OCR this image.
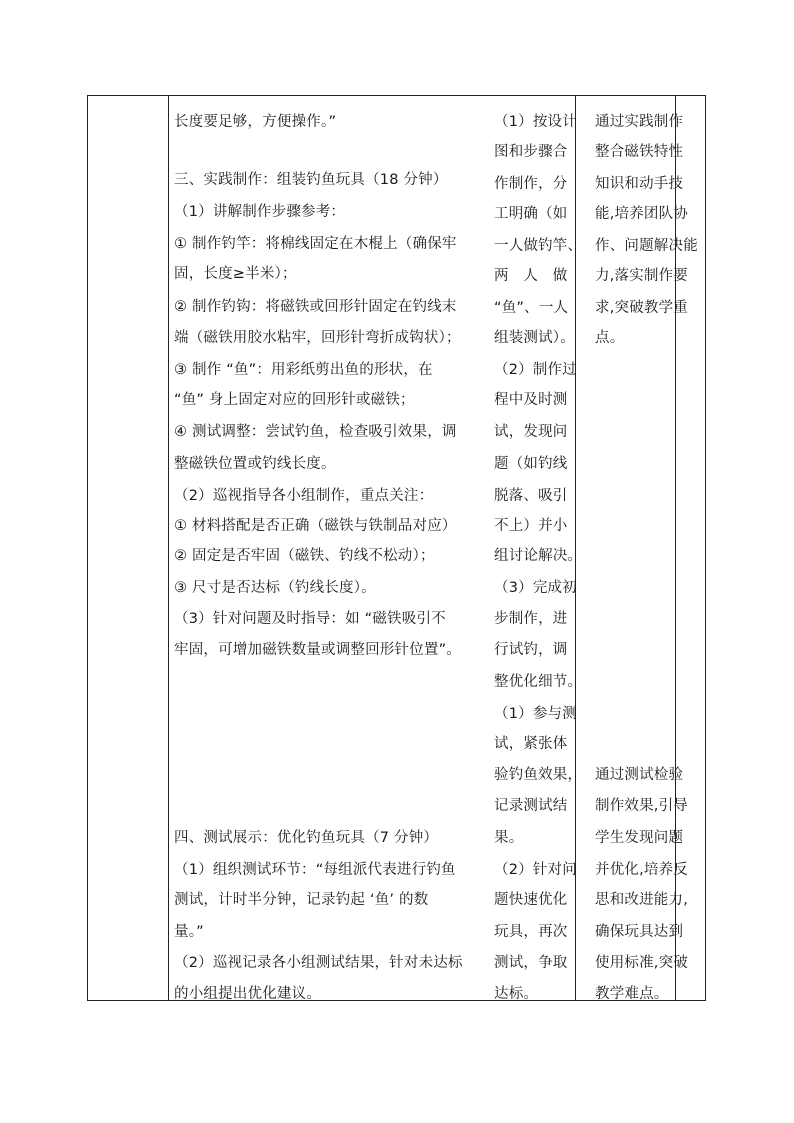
长度要足够，方便操作。”
三、实践制作：组装钓鱼玩具（18 分钟）
（1）讲解制作步骤参考：
① 制作钓竿：将棉线固定在木棍上（确保牢
固，长度≥半米）；
② 制作钓钩：将磁铁或回形针固定在钓线末
端（磁铁用胶水粘牢，回形针弯折成钩状）；
③ 制作 “鱼”：用彩纸剪出鱼的形状，在
“鱼” 身上固定对应的回形针或磁铁；
④ 测试调整：尝试钓鱼，检查吸引效果，调
整磁铁位置或钓线长度。
（2）巡视指导各小组制作，重点关注：
① 材料搭配是否正确（磁铁与铁制品对应）
② 固定是否牢固（磁铁、钓线不松动）；
③ 尺寸是否达标（钓线长度）。
（3）针对问题及时指导：如 “磁铁吸引不
牢固，可增加磁铁数量或调整回形针位置”。
四、测试展示：优化钓鱼玩具（7 分钟）
（1）组织测试环节：“每组派代表进行钓鱼
测试，计时半分钟，记录钓起 ‘鱼’ 的数
量。”
（2）巡视记录各小组测试结果，针对未达标
的小组提出优化建议。
（1）按设计
图和步骤合
作制作，分
工明确（如
一人做钓竿、
两　人　做
“鱼”、一人
组装测试）。
（2）制作过
程中及时测
试，发现问
题（如钓线
脱落、吸引
不上）并小
组讨论解决。
（3）完成初
步制作，进
行试钓，调
整优化细节。
（1）参与测
试，紧张体
验钓鱼效果，
记录测试结
果。
（2）针对问
题快速优化
玩具，再次
测试，争取
达标。
通过实践制作
整合磁铁特性
知识和动手技
能,培养团队协
作、问题解决能
力,落实制作要
求,突破教学重
点。
通过测试检验
制作效果,引导
学生发现问题
并优化,培养反
思和改进能力,
确保玩具达到
使用标准,突破
教学难点。
